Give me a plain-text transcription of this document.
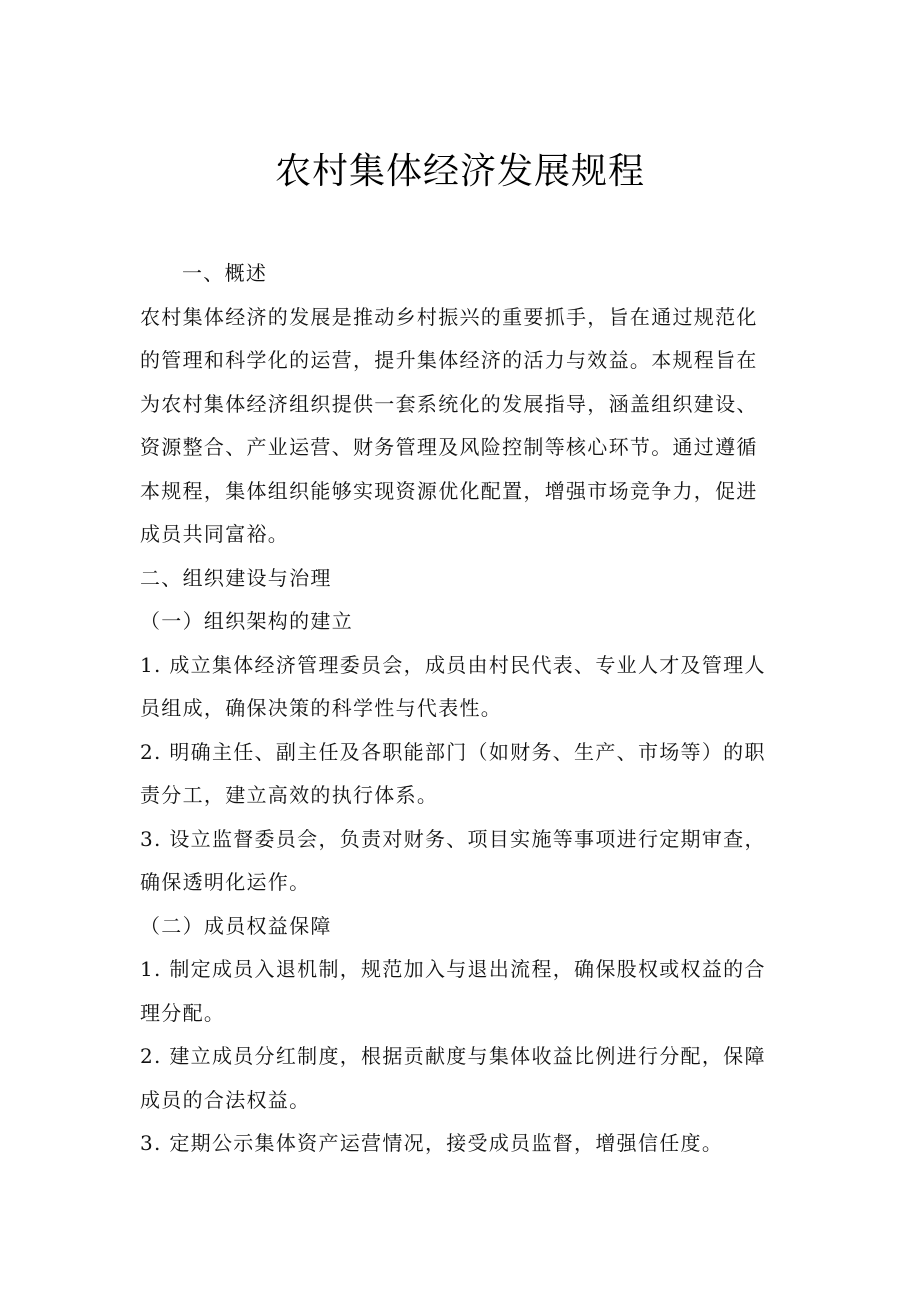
农村集体经济发展规程
一、概述
农村集体经济的发展是推动乡村振兴的重要抓手，旨在通过规范化
的管理和科学化的运营，提升集体经济的活力与效益。本规程旨在
为农村集体经济组织提供一套系统化的发展指导，涵盖组织建设、
资源整合、产业运营、财务管理及风险控制等核心环节。通过遵循
本规程，集体组织能够实现资源优化配置，增强市场竞争力，促进
成员共同富裕。
二、组织建设与治理
（一）组织架构的建立
1. 成立集体经济管理委员会，成员由村民代表、专业人才及管理人
员组成，确保决策的科学性与代表性。
2. 明确主任、副主任及各职能部门（如财务、生产、市场等）的职
责分工，建立高效的执行体系。
3. 设立监督委员会，负责对财务、项目实施等事项进行定期审查，
确保透明化运作。
（二）成员权益保障
1. 制定成员入退机制，规范加入与退出流程，确保股权或权益的合
理分配。
2. 建立成员分红制度，根据贡献度与集体收益比例进行分配，保障
成员的合法权益。
3. 定期公示集体资产运营情况，接受成员监督，增强信任度。
